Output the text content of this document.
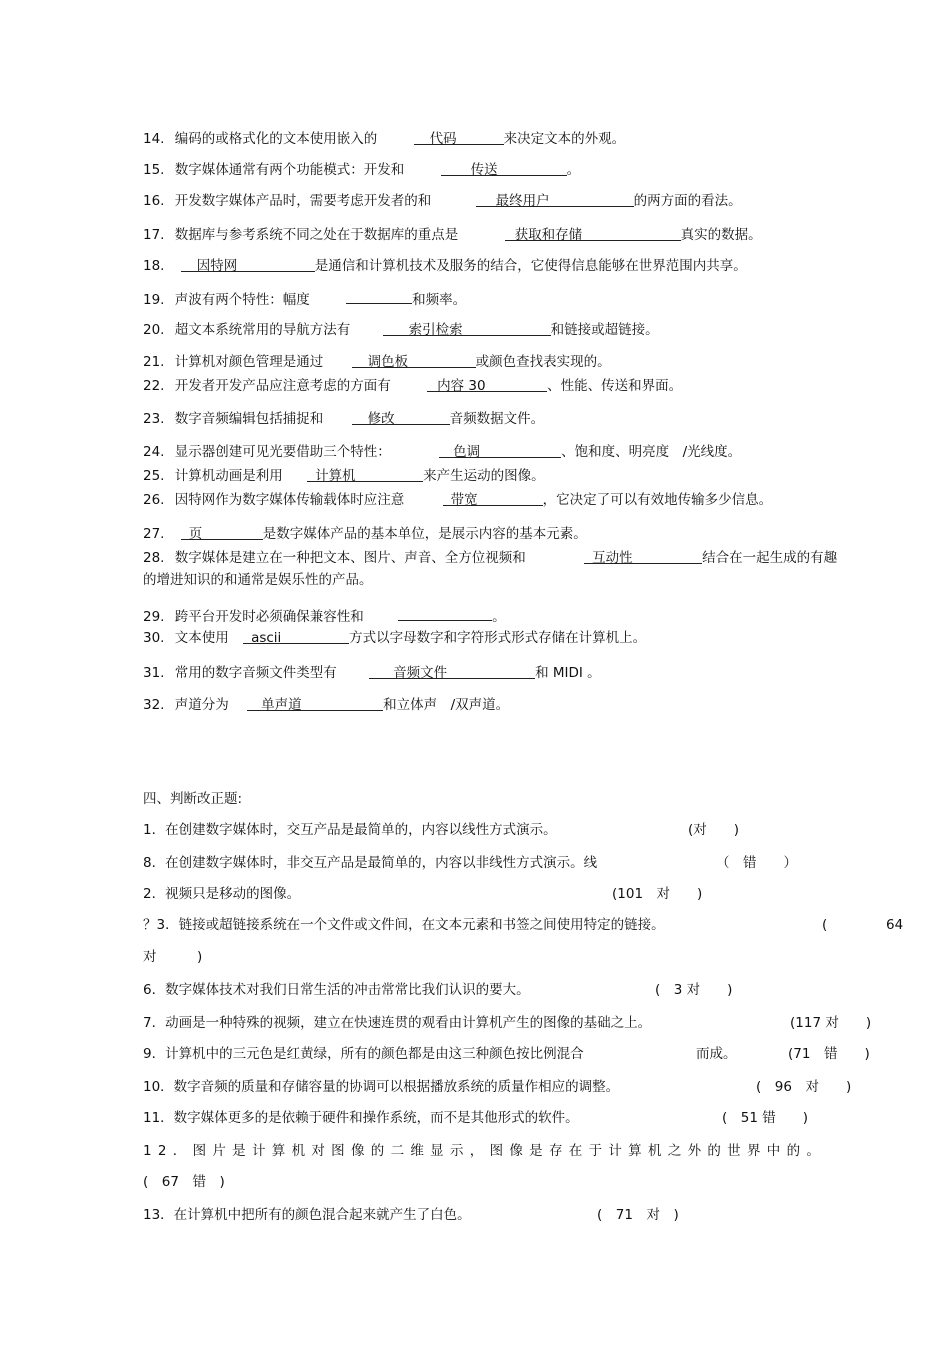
14. 编码的或格式化的文本使用嵌入的	代码	来决定文本的外观。
15. 数字媒体通常有两个功能模式：开发和	传送	。
16. 开发数字媒体产品时，需要考虑开发者的和	最终用户	的两方面的看法。
17. 数据库与参考系统不同之处在于数据库的重点是	获取和存储	真实的数据。
18. 因特网	是通信和计算机技术及服务的结合，它使得信息能够在世界范围内共享。
19. 声波有两个特性：幅度	和频率。
20. 超文本系统常用的导航方法有	索引检索	和链接或超链接。
21. 计算机对颜色管理是通过	调色板	或颜色查找表实现的。
22. 开发者开发产品应注意考虑的方面有	内容 30	、性能、传送和界面。
23. 数字音频编辑包括捕捉和	修改	音频数据文件。
24. 显示器创建可见光要借助三个特性：	色调	、饱和度、明亮度　/光线度。
25. 计算机动画是利用 计算机	来产生运动的图像。
26. 因特网作为数字媒体传输载体时应注意	带宽	，它决定了可以有效地传输多少信息。
27. 页	是数字媒体产品的基本单位，是展示内容的基本元素。
28. 数字媒体是建立在一种把文本、图片、声音、全方位视频和	互动性	结合在一起生成的有趣
的增进知识的和通常是娱乐性的产品。
29. 跨平台开发时必须确保兼容性和	。
30. 文本使用 ascii	方式以字母数字和字符形式形式存储在计算机上。
31. 常用的数字音频文件类型有	音频文件	和 MIDI 。
32. 声道分为 单声道	和立体声　/双声道。
四、判断改正题:
1．在创建数字媒体时，交互产品是最简单的，内容以线性方式演示。	(对　　)
8．在创建数字媒体时，非交互产品是最简单的，内容以非线性方式演示。线	（　错　　）
2．视频只是移动的图像。	(101　对　　)
？3．链接或超链接系统在一个文件或文件间，在文本元素和书签之间使用特定的链接。	(	64
对　　　)
6．数字媒体技术对我们日常生活的冲击常常比我们认识的要大。	(　3 对　　)
7．动画是一种特殊的视频，建立在快速连贯的观看由计算机产生的图像的基础之上。	(117 对　　)
9．计算机中的三元色是红黄绿，所有的颜色都是由这三种颜色按比例混合	而成。	(71　错　　)
10．数字音频的质量和存储容量的协调可以根据播放系统的质量作相应的调整。	(　96　对　　)
11．数字媒体更多的是依赖于硬件和操作系统，而不是其他形式的软件。	(　51 错　　)
12．图片是计算机对图像的二维显示，图像是存在于计算机之外的世界中的。
(　67　错　)
13．在计算机中把所有的颜色混合起来就产生了白色。	(　71　对　)
